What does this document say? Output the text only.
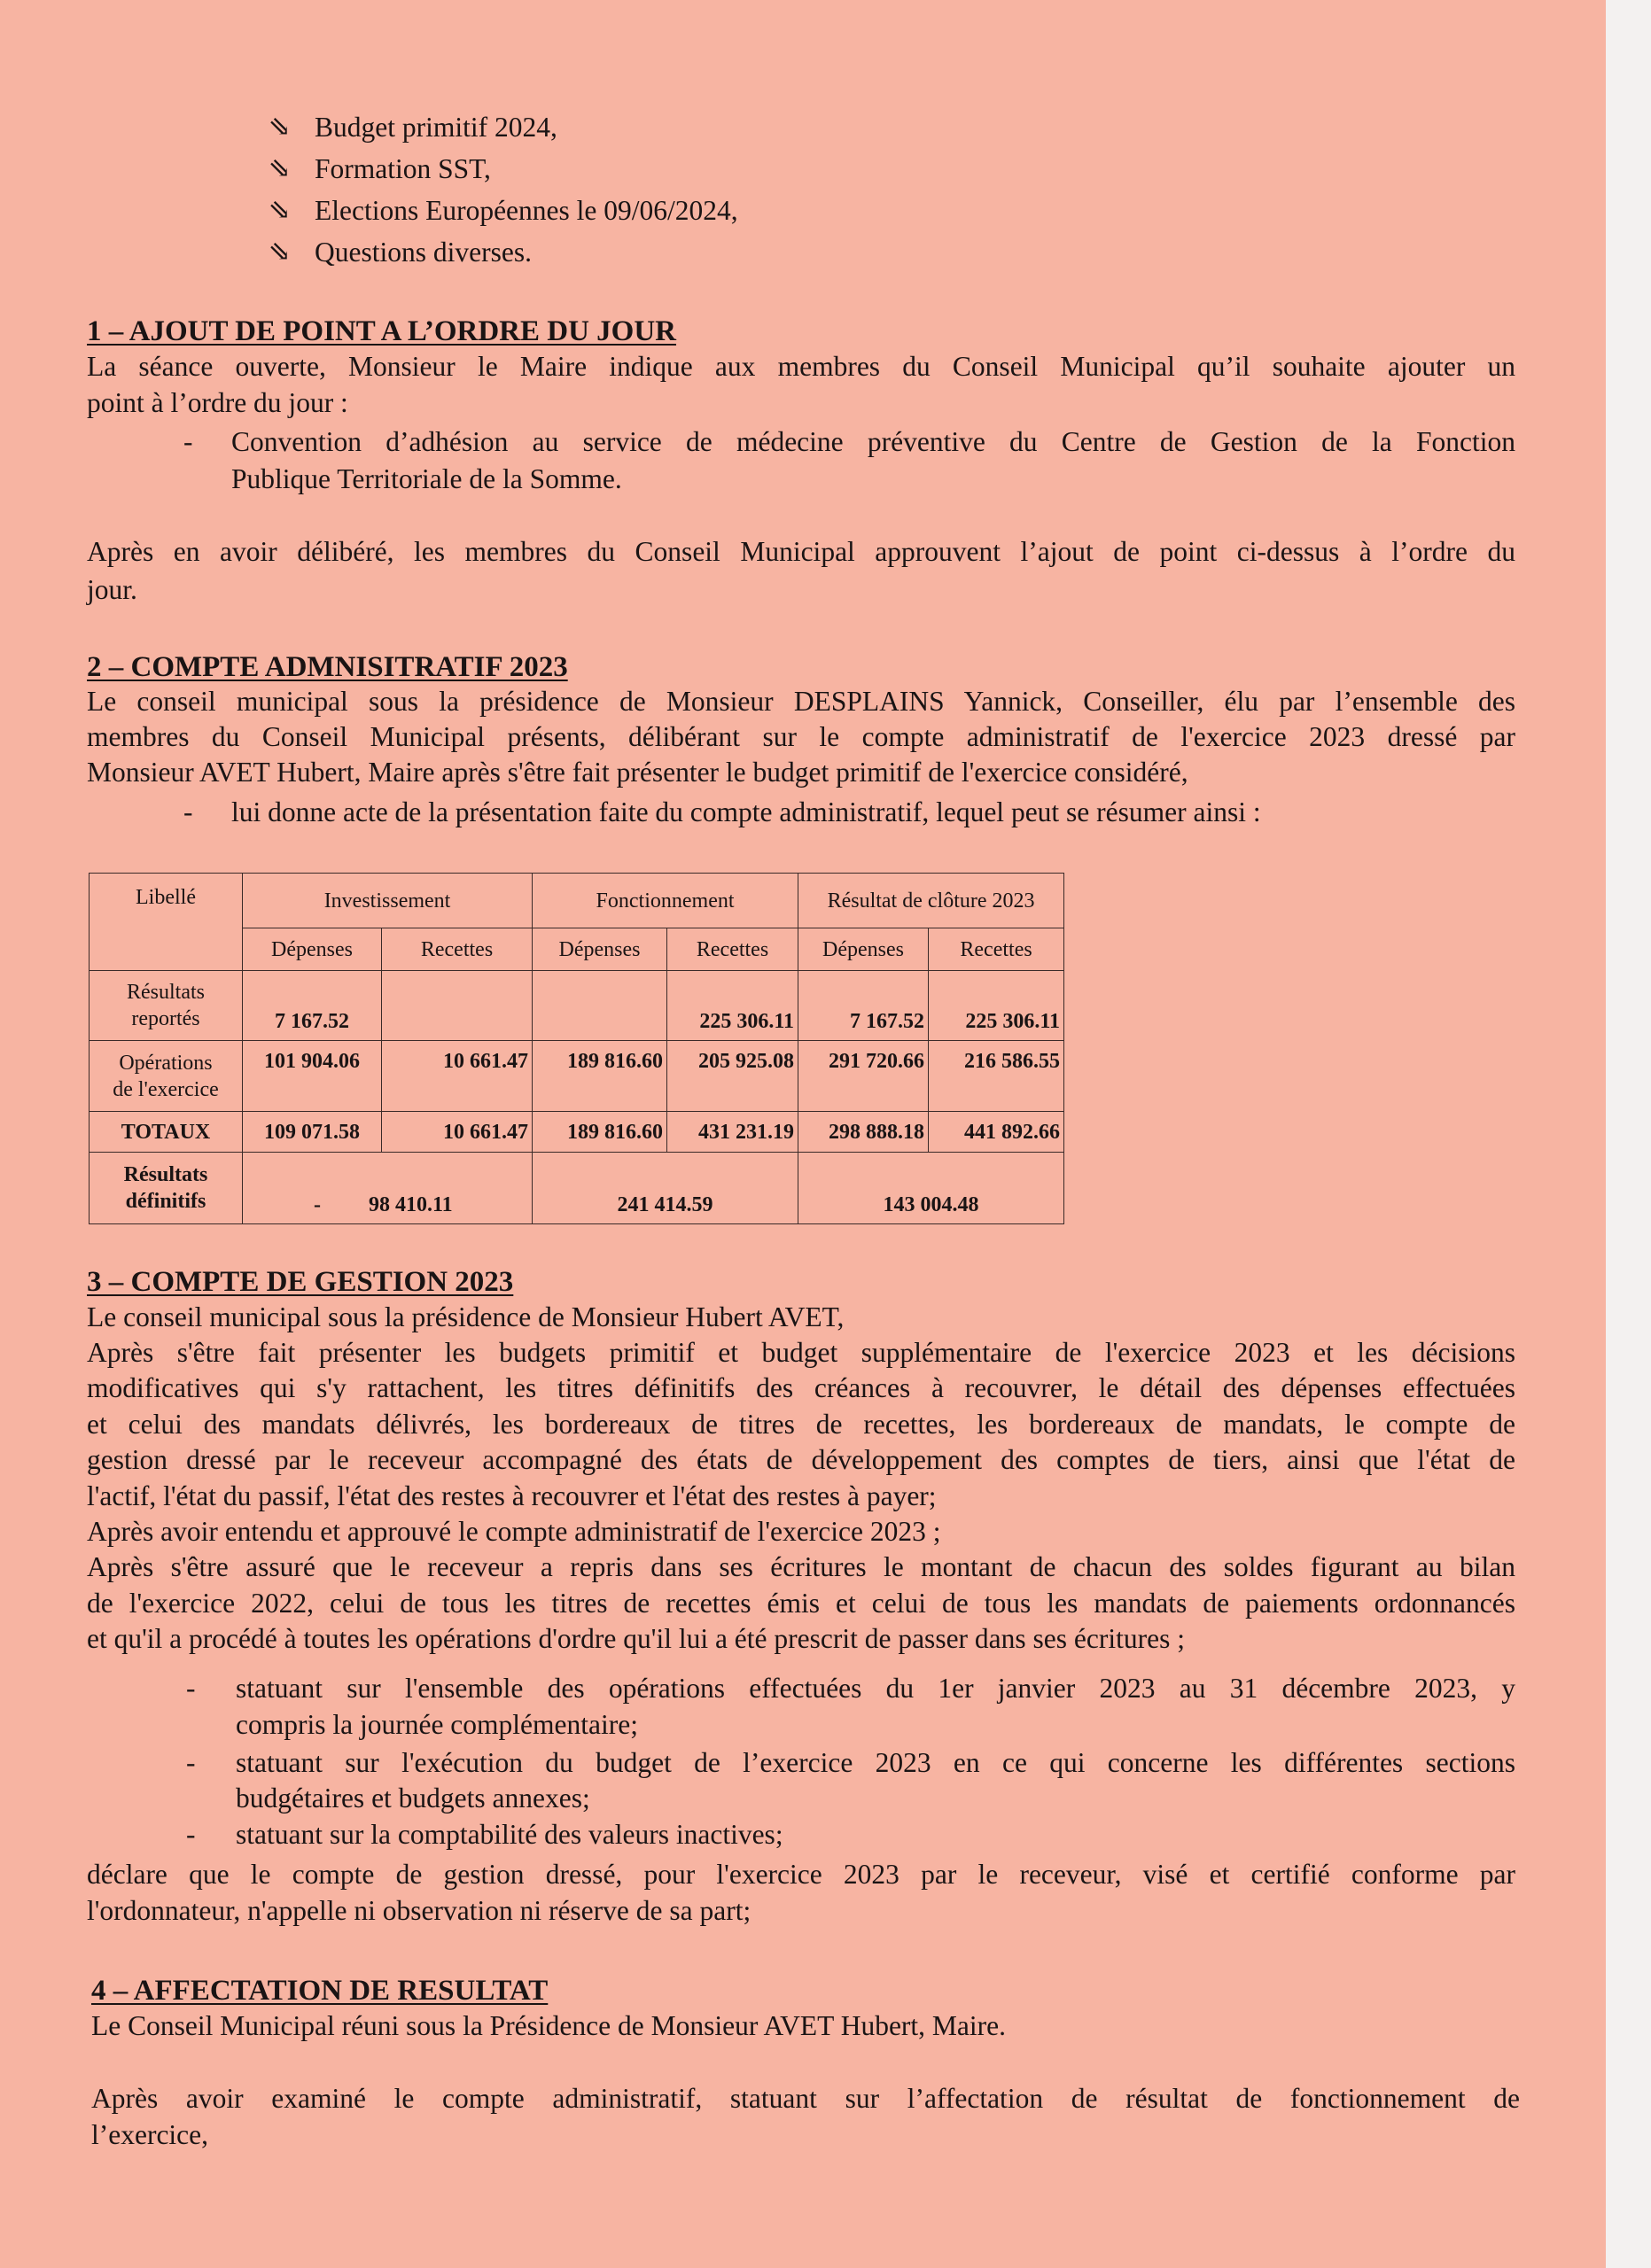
⇘ Budget primitif 2024,
⇘ Formation SST,
⇘ Elections Européennes le 09/06/2024,
⇘ Questions diverses.
1 – AJOUT DE POINT A L’ORDRE DU JOUR
La séance ouverte, Monsieur le Maire indique aux membres du Conseil Municipal qu’il souhaite ajouter un
point à l’ordre du jour :
- Convention d’adhésion au service de médecine préventive du Centre de Gestion de la Fonction
Publique Territoriale de la Somme.
Après en avoir délibéré, les membres du Conseil Municipal approuvent l’ajout de point ci-dessus à l’ordre du
jour.
2 – COMPTE ADMNISITRATIF 2023
Le conseil municipal sous la présidence de Monsieur DESPLAINS Yannick, Conseiller, élu par l’ensemble des
membres du Conseil Municipal présents, délibérant sur le compte administratif de l'exercice 2023 dressé par
Monsieur AVET Hubert, Maire après s'être fait présenter le budget primitif de l'exercice considéré,
- lui donne acte de la présentation faite du compte administratif, lequel peut se résumer ainsi :
Libellé	Investissement		Fonctionnement		Résultat de clôture 2023	
	Dépenses	Recettes	Dépenses	Recettes	Dépenses	Recettes
Résultats
reportés	7 167.52			225 306.11	7 167.52	225 306.11
Opérations
de l'exercice	101 904.06	10 661.47	189 816.60	205 925.08	291 720.66	216 586.55
TOTAUX	109 071.58	10 661.47	189 816.60	431 231.19	298 888.18	441 892.66
Résultats
définitifs	- 98 410.11		241 414.59		143 004.48	
3 – COMPTE DE GESTION 2023
Le conseil municipal sous la présidence de Monsieur Hubert AVET,
Après s'être fait présenter les budgets primitif et budget supplémentaire de l'exercice 2023 et les décisions
modificatives qui s'y rattachent, les titres définitifs des créances à recouvrer, le détail des dépenses effectuées
et celui des mandats délivrés, les bordereaux de titres de recettes, les bordereaux de mandats, le compte de
gestion dressé par le receveur accompagné des états de développement des comptes de tiers, ainsi que l'état de
l'actif, l'état du passif, l'état des restes à recouvrer et l'état des restes à payer;
Après avoir entendu et approuvé le compte administratif de l'exercice 2023 ;
Après s'être assuré que le receveur a repris dans ses écritures le montant de chacun des soldes figurant au bilan
de l'exercice 2022, celui de tous les titres de recettes émis et celui de tous les mandats de paiements ordonnancés
et qu'il a procédé à toutes les opérations d'ordre qu'il lui a été prescrit de passer dans ses écritures ;
- statuant sur l'ensemble des opérations effectuées du 1er janvier 2023 au 31 décembre 2023, y
compris la journée complémentaire;
- statuant sur l'exécution du budget de l’exercice 2023 en ce qui concerne les différentes sections
budgétaires et budgets annexes;
- statuant sur la comptabilité des valeurs inactives;
déclare que le compte de gestion dressé, pour l'exercice 2023 par le receveur, visé et certifié conforme par
l'ordonnateur, n'appelle ni observation ni réserve de sa part;
4 – AFFECTATION DE RESULTAT
Le Conseil Municipal réuni sous la Présidence de Monsieur AVET Hubert, Maire.
Après avoir examiné le compte administratif, statuant sur l’affectation de résultat de fonctionnement de
l’exercice,
